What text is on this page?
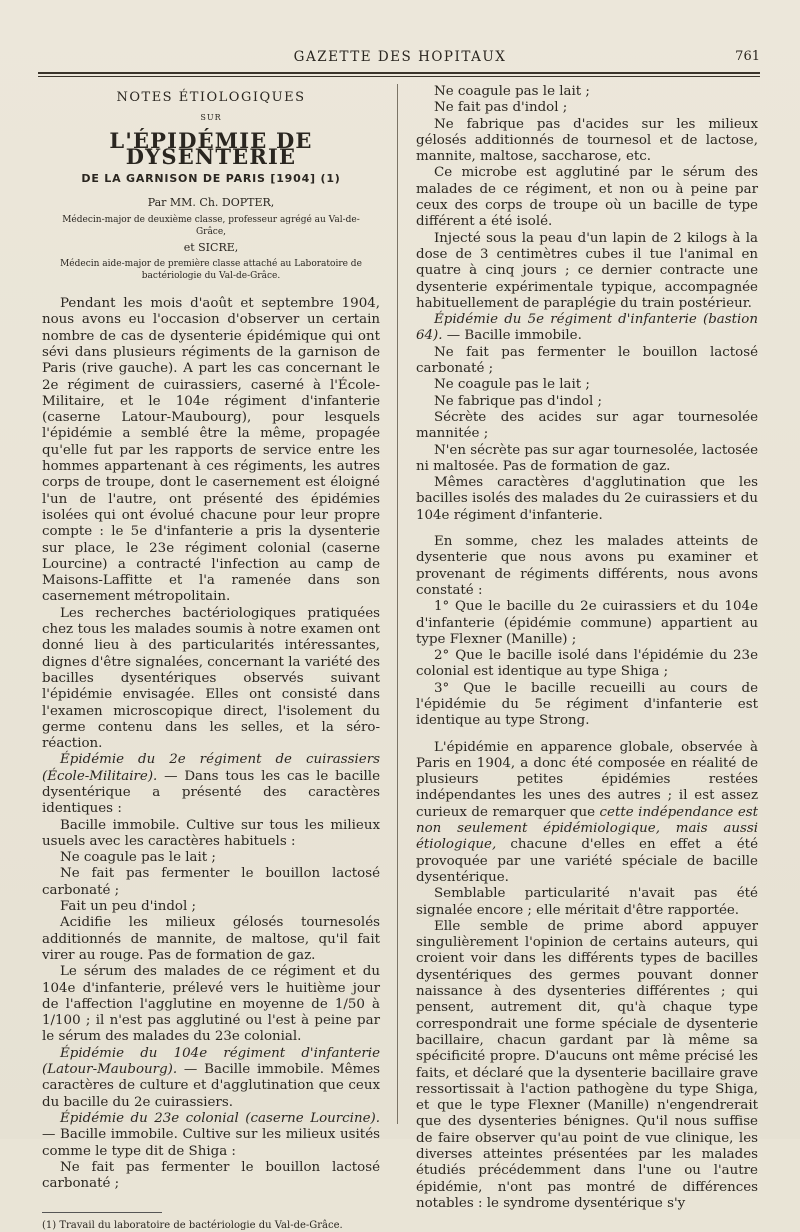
GAZETTE DES HOPITAUX	761
NOTES ÉTIOLOGIQUES
SUR
L'ÉPIDÉMIE DE DYSENTERIE
DE LA GARNISON DE PARIS [1904] (1)
Par MM. Ch. DOPTER,
Médecin-major de deuxième classe, professeur agrégé au Val-de-Grâce,
et SICRE,
Médecin aide-major de première classe attaché au Laboratoire de bactériologie du Val-de-Grâce.

Pendant les mois d'août et septembre 1904, nous avons eu l'occasion d'observer un certain nombre de cas de dysenterie épidémique qui ont sévi dans plusieurs régiments de la garnison de Paris (rive gauche). A part les cas concernant le 2e régiment de cuirassiers, caserné à l'École-Militaire, et le 104e régiment d'infanterie (caserne Latour-Maubourg), pour lesquels l'épidémie a semblé être la même, propagée qu'elle fut par les rapports de service entre les hommes appartenant à ces régiments, les autres corps de troupe, dont le casernement est éloigné l'un de l'autre, ont présenté des épidémies isolées qui ont évolué chacune pour leur propre compte : le 5e d'infanterie a pris la dysenterie sur place, le 23e régiment colonial (caserne Lourcine) a contracté l'infection au camp de Maisons-Laffitte et l'a ramenée dans son casernement métropolitain.

Les recherches bactériologiques pratiquées chez tous les malades soumis à notre examen ont donné lieu à des particularités intéressantes, dignes d'être signalées, concernant la variété des bacilles dysentériques observés suivant l'épidémie envisagée. Elles ont consisté dans l'examen microscopique direct, l'isolement du germe contenu dans les selles, et la séro-réaction.

Épidémie du 2e régiment de cuirassiers (École-Militaire). — Dans tous les cas le bacille dysentérique a présenté des caractères identiques :

Bacille immobile. Cultive sur tous les milieux usuels avec les caractères habituels :

Ne coagule pas le lait ;

Ne fait pas fermenter le bouillon lactosé carbonaté ;

Fait un peu d'indol ;

Acidifie les milieux gélosés tournesolés additionnés de mannite, de maltose, qu'il fait virer au rouge. Pas de formation de gaz.

Le sérum des malades de ce régiment et du 104e d'infanterie, prélevé vers le huitième jour de l'affection l'agglutine en moyenne de 1/50 à 1/100 ; il n'est pas agglutiné ou l'est à peine par le sérum des malades du 23e colonial.

Épidémie du 104e régiment d'infanterie (Latour-Maubourg). — Bacille immobile. Mêmes caractères de culture et d'agglutination que ceux du bacille du 2e cuirassiers.

Épidémie du 23e colonial (caserne Lourcine). — Bacille immobile. Cultive sur les milieux usités comme le type dit de Shiga :

Ne fait pas fermenter le bouillon lactosé carbonaté ;

(1) Travail du laboratoire de bactériologie du Val-de-Grâce.

Ne coagule pas le lait ;

Ne fait pas d'indol ;

Ne fabrique pas d'acides sur les milieux gélosés additionnés de tournesol et de lactose, mannite, maltose, saccharose, etc.

Ce microbe est agglutiné par le sérum des malades de ce régiment, et non ou à peine par ceux des corps de troupe où un bacille de type différent a été isolé.

Injecté sous la peau d'un lapin de 2 kilogs à la dose de 3 centimètres cubes il tue l'animal en quatre à cinq jours ; ce dernier contracte une dysenterie expérimentale typique, accompagnée habituellement de paraplégie du train postérieur.

Épidémie du 5e régiment d'infanterie (bastion 64). — Bacille immobile.

Ne fait pas fermenter le bouillon lactosé carbonaté ;

Ne coagule pas le lait ;

Ne fabrique pas d'indol ;

Sécrète des acides sur agar tournesolée mannitée ;

N'en sécrète pas sur agar tournesolée, lactosée ni maltosée. Pas de formation de gaz.

Mêmes caractères d'agglutination que les bacilles isolés des malades du 2e cuirassiers et du 104e régiment d'infanterie.

En somme, chez les malades atteints de dysenterie que nous avons pu examiner et provenant de régiments différents, nous avons constaté :

1° Que le bacille du 2e cuirassiers et du 104e d'infanterie (épidémie commune) appartient au type Flexner (Manille) ;

2° Que le bacille isolé dans l'épidémie du 23e colonial est identique au type Shiga ;

3° Que le bacille recueilli au cours de l'épidémie du 5e régiment d'infanterie est identique au type Strong.

L'épidémie en apparence globale, observée à Paris en 1904, a donc été composée en réalité de plusieurs petites épidémies restées indépendantes les unes des autres ; il est assez curieux de remarquer que cette indépendance est non seulement épidémiologique, mais aussi étiologique, chacune d'elles en effet a été provoquée par une variété spéciale de bacille dysentérique.

Semblable particularité n'avait pas été signalée encore ; elle méritait d'être rapportée.

Elle semble de prime abord appuyer singulièrement l'opinion de certains auteurs, qui croient voir dans les différents types de bacilles dysentériques des germes pouvant donner naissance à des dysenteries différentes ; qui pensent, autrement dit, qu'à chaque type correspondrait une forme spéciale de dysenterie bacillaire, chacun gardant par là même sa spécificité propre. D'aucuns ont même précisé les faits, et déclaré que la dysenterie bacillaire grave ressortissait à l'action pathogène du type Shiga, et que le type Flexner (Manille) n'engendrerait que des dysenteries bénignes. Qu'il nous suffise de faire observer qu'au point de vue clinique, les diverses atteintes présentées par les malades étudiés précédemment dans l'une ou l'autre épidémie, n'ont pas montré de différences notables : le syndrome dysentérique s'y
